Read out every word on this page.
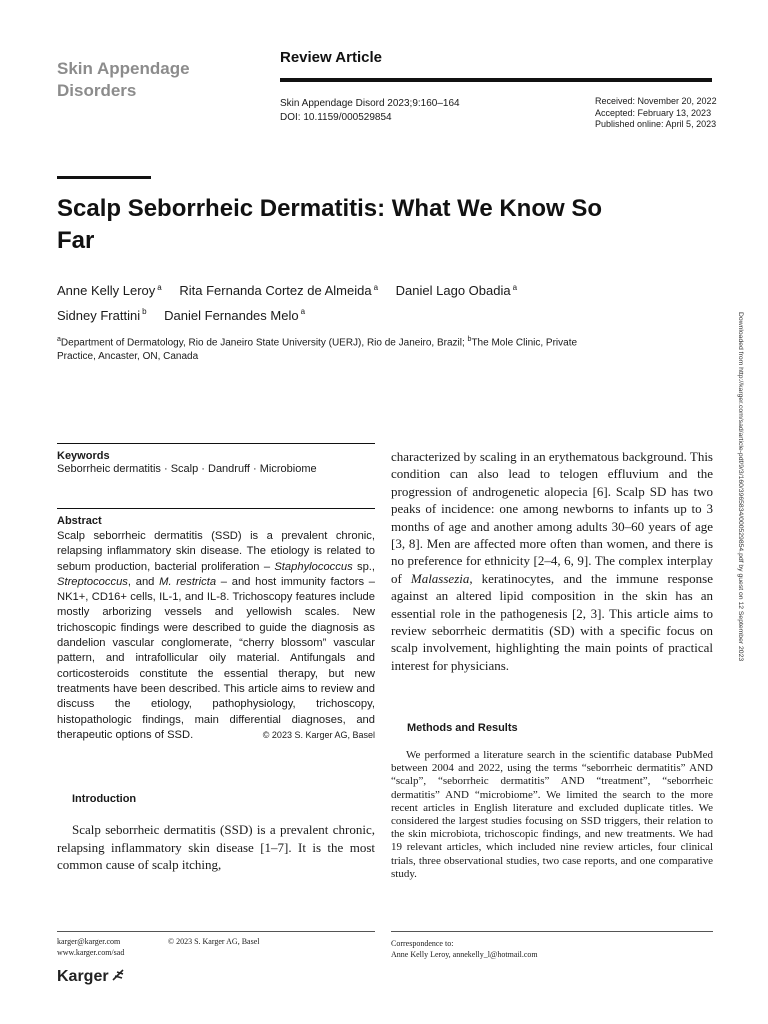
Skin Appendage
Disorders
Review Article
Skin Appendage Disord 2023;9:160–164
DOI: 10.1159/000529854
Received: November 20, 2022
Accepted: February 13, 2023
Published online: April 5, 2023
Scalp Seborrheic Dermatitis: What We Know So Far
Anne Kelly Leroy $^a$ Rita Fernanda Cortez de Almeida $^a$ Daniel Lago Obadia $^a$
Sidney Frattini $^b$ Daniel Fernandes Melo $^a$
$^a$Department of Dermatology, Rio de Janeiro State University (UERJ), Rio de Janeiro, Brazil; $^b$The Mole Clinic, Private Practice, Ancaster, ON, Canada	Downloaded from http://karger.com/sad/article-pdf/9/3/160/3965834/000529854.pdf by guest on 12 September 2023
Keywords
Seborrheic dermatitis · Scalp · Dandruff · Microbiome
Abstract
Scalp seborrheic dermatitis (SSD) is a prevalent chronic, relapsing inflammatory skin disease. The etiology is related to sebum production, bacterial proliferation – Staphylococcus sp., Streptococcus, and M. restricta – and host immunity factors – NK1+, CD16+ cells, IL-1, and IL-8. Trichoscopy features include mostly arborizing vessels and yellowish scales. New trichoscopic findings were described to guide the diagnosis as dandelion vascular conglomerate, “cherry blossom” vascular pattern, and intrafollicular oily material. Antifungals and corticosteroids constitute the essential therapy, but new treatments have been described. This article aims to review and discuss the etiology, pathophysiology, trichoscopy, histopathologic findings, main differential diagnoses, and therapeutic options of SSD.	© 2023 S. Karger AG, Basel
Introduction
Scalp seborrheic dermatitis (SSD) is a prevalent chronic, relapsing inflammatory skin disease [1–7]. It is the most common cause of scalp itching,
characterized by scaling in an erythematous background. This condition can also lead to telogen effluvium and the progression of androgenetic alopecia [6]. Scalp SD has two peaks of incidence: one among newborns to infants up to 3 months of age and another among adults 30–60 years of age [3, 8]. Men are affected more often than women, and there is no preference for ethnicity [2–4, 6, 9]. The complex interplay of Malassezia, keratinocytes, and the immune response against an altered lipid composition in the skin has an essential role in the pathogenesis [2, 3]. This article aims to review seborrheic dermatitis (SD) with a specific focus on scalp involvement, highlighting the main points of practical interest for physicians.
Methods and Results
We performed a literature search in the scientific database PubMed between 2004 and 2022, using the terms “seborrheic dermatitis” AND “scalp”, “seborrheic dermatitis” AND “treatment”, “seborrheic dermatitis” AND “microbiome”. We limited the search to the more recent articles in English literature and excluded duplicate titles. We considered the largest studies focusing on SSD triggers, their relation to the skin microbiota, trichoscopic findings, and new treatments. We had 19 relevant articles, which included nine review articles, four clinical trials, three observational studies, two case reports, and one comparative study.
karger@karger.com
www.karger.com/sad
© 2023 S. Karger AG, Basel	Correspondence to:
Anne Kelly Leroy, annekelly_l@hotmail.com
Karger
